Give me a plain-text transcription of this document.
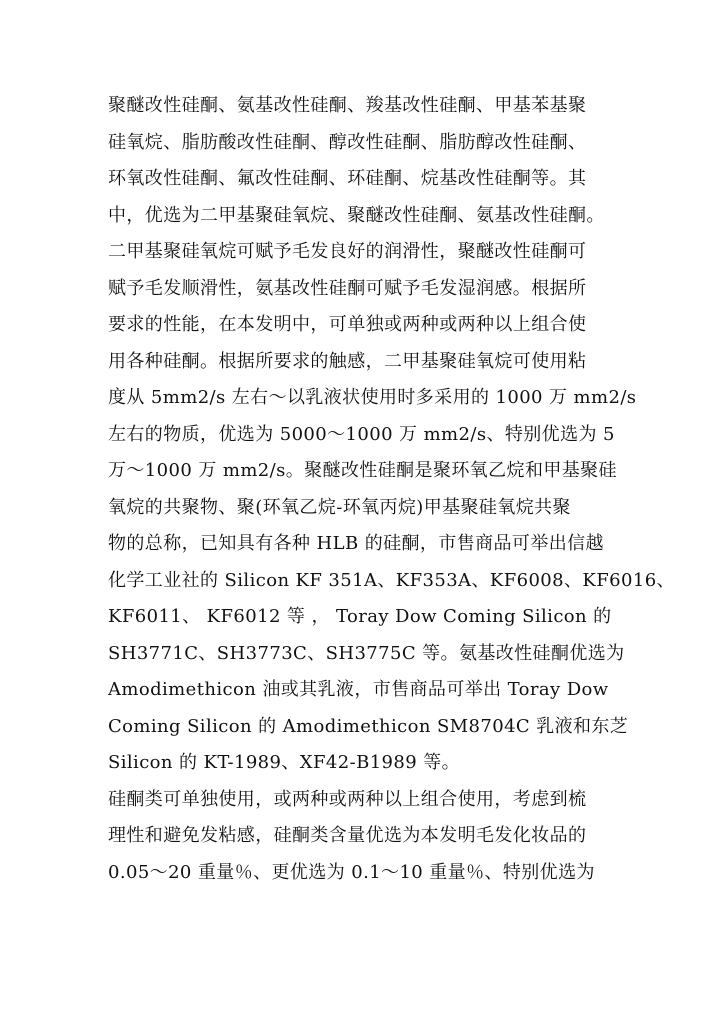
聚醚改性硅酮、氨基改性硅酮、羧基改性硅酮、甲基苯基聚
硅氧烷、脂肪酸改性硅酮、醇改性硅酮、脂肪醇改性硅酮、
环氧改性硅酮、氟改性硅酮、环硅酮、烷基改性硅酮等。其
中，优选为二甲基聚硅氧烷、聚醚改性硅酮、氨基改性硅酮。
二甲基聚硅氧烷可赋予毛发良好的润滑性，聚醚改性硅酮可
赋予毛发顺滑性，氨基改性硅酮可赋予毛发湿润感。根据所
要求的性能，在本发明中，可单独或两种或两种以上组合使
用各种硅酮。根据所要求的触感，二甲基聚硅氧烷可使用粘
度从 5mm2/s 左右～以乳液状使用时多采用的 1000 万 mm2/s
左右的物质，优选为 5000～1000 万 mm2/s、特别优选为 5
万～1000 万 mm2/s。聚醚改性硅酮是聚环氧乙烷和甲基聚硅
氧烷的共聚物、聚(环氧乙烷-环氧丙烷)甲基聚硅氧烷共聚
物的总称，已知具有各种 HLB 的硅酮，市售商品可举出信越
化学工业社的 Silicon KF 351A、KF353A、KF6008、KF6016、
KF6011、 KF6012 等 ， Toray Dow Coming Silicon 的
SH3771C、SH3773C、SH3775C 等。氨基改性硅酮优选为
Amodimethicon 油或其乳液，市售商品可举出 Toray Dow
Coming Silicon 的 Amodimethicon SM8704C 乳液和东芝
Silicon 的 KT-1989、XF42-B1989 等。
硅酮类可单独使用，或两种或两种以上组合使用，考虑到梳
理性和避免发粘感，硅酮类含量优选为本发明毛发化妆品的
0.05～20 重量％、更优选为 0.1～10 重量％、特别优选为
